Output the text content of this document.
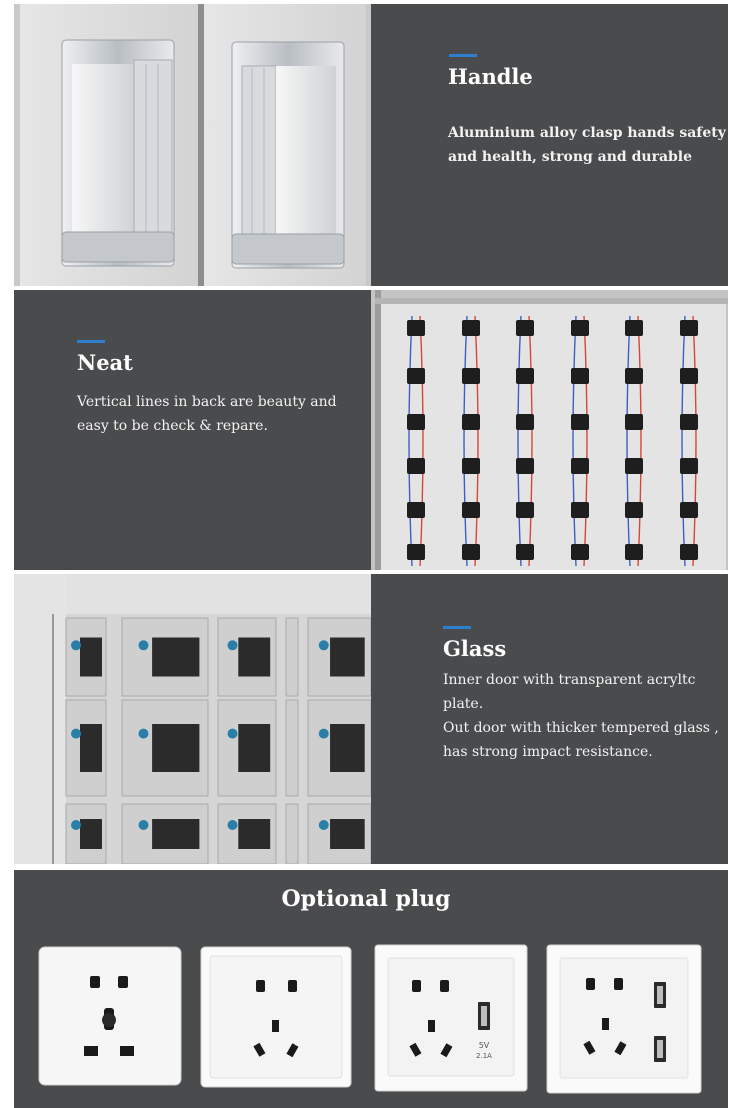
Handle
Aluminium alloy clasp hands safety
and health, strong and durable
Neat
Vertical lines in back are beauty and
easy to be check & repare.
Glass
Inner door with transparent acryltc plate.
Out door with thicker tempered glass ,
has strong impact resistance.
Optional plug
5V
2.1A
